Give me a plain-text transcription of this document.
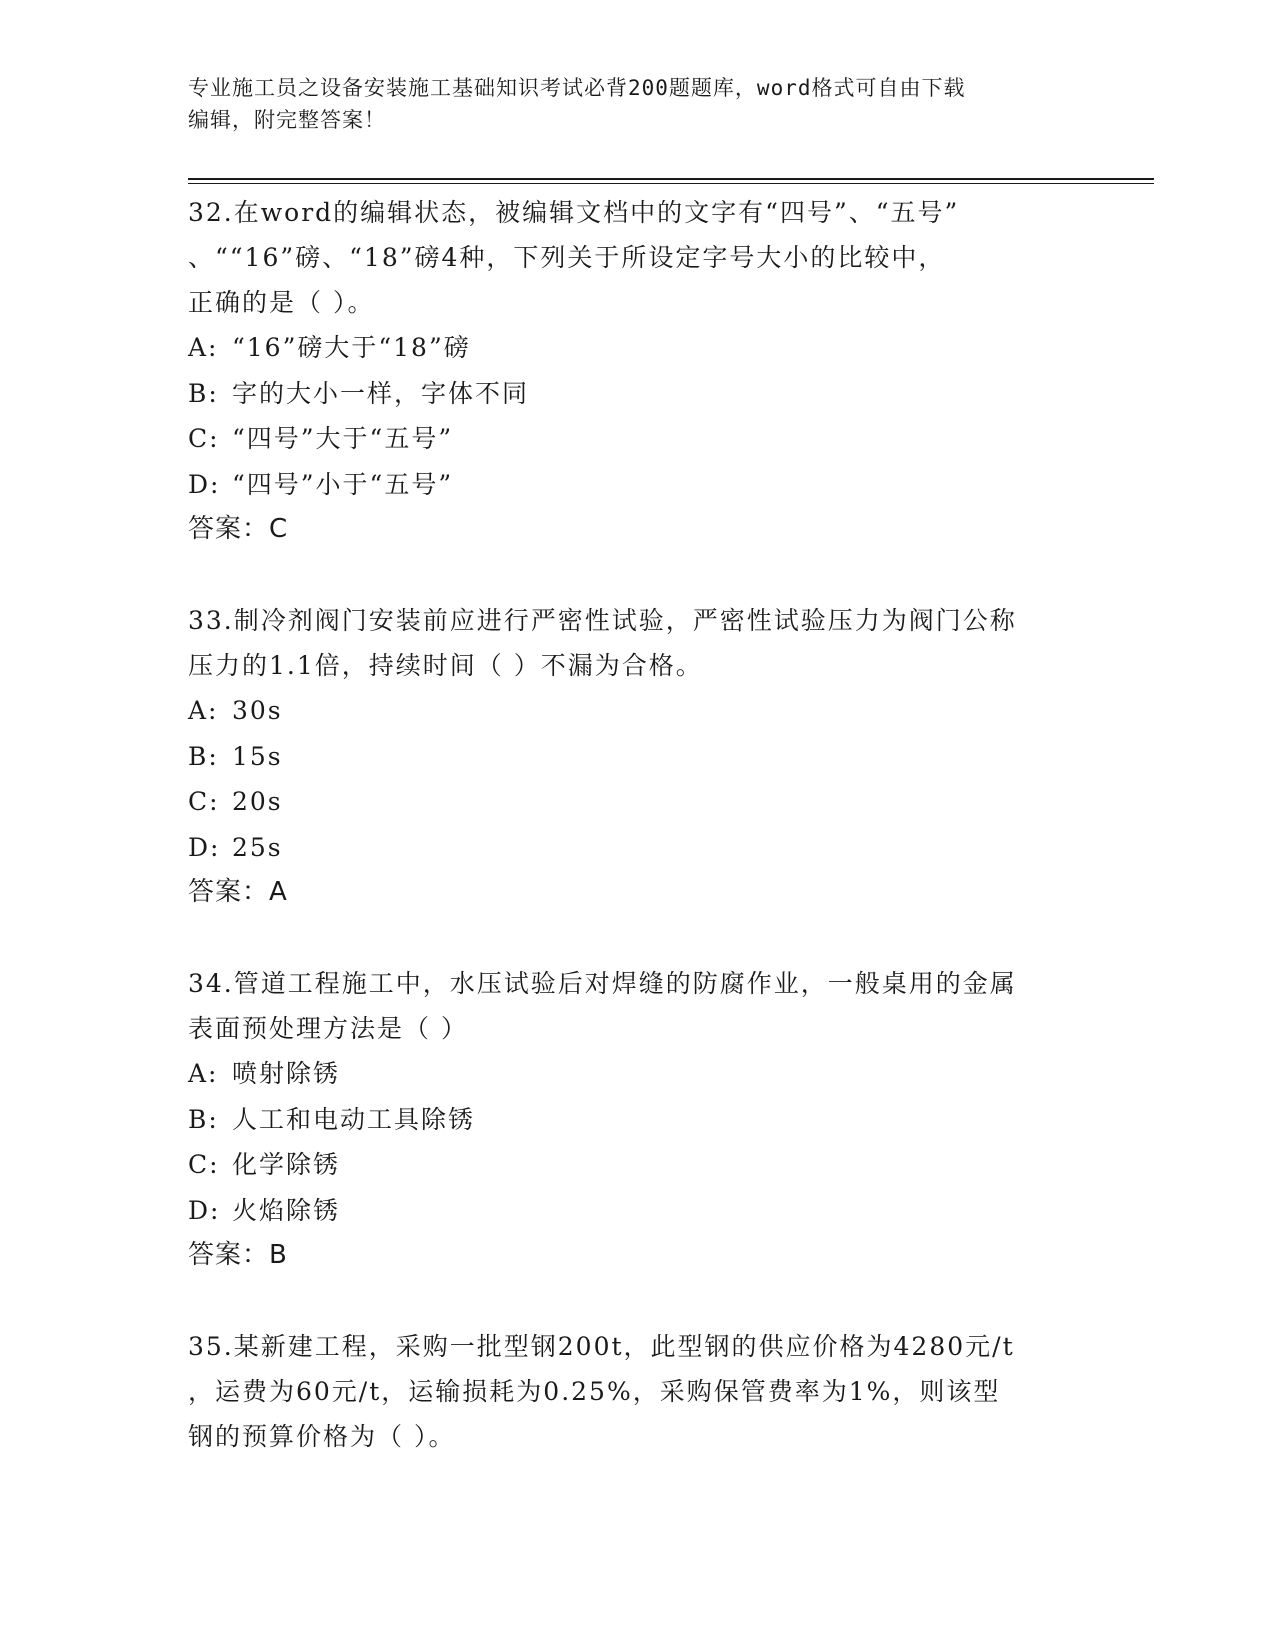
专业施工员之设备安装施工基础知识考试必背200题题库，word格式可自由下载
编辑，附完整答案！
32.在word的编辑状态，被编辑文档中的文字有“四号”、“五号”
、““16”磅、“18”磅4种，下列关于所设定字号大小的比较中，
正确的是（ ）。
A: “16”磅大于“18”磅
B: 字的大小一样，字体不同
C: “四号”大于“五号”
D: “四号”小于“五号”
答案：C
33.制冷剂阀门安装前应进行严密性试验，严密性试验压力为阀门公称
压力的1.1倍，持续时间（ ）不漏为合格。
A: 30s
B: 15s
C: 20s
D: 25s
答案：A
34.管道工程施工中，水压试验后对焊缝的防腐作业，一般桌用的金属
表面预处理方法是（ ）
A: 喷射除锈
B: 人工和电动工具除锈
C: 化学除锈
D: 火焰除锈
答案：B
35.某新建工程，采购一批型钢200t，此型钢的供应价格为4280元/t
，运费为60元/t，运输损耗为0.25%，采购保管费率为1%，则该型
钢的预算价格为（ ）。
